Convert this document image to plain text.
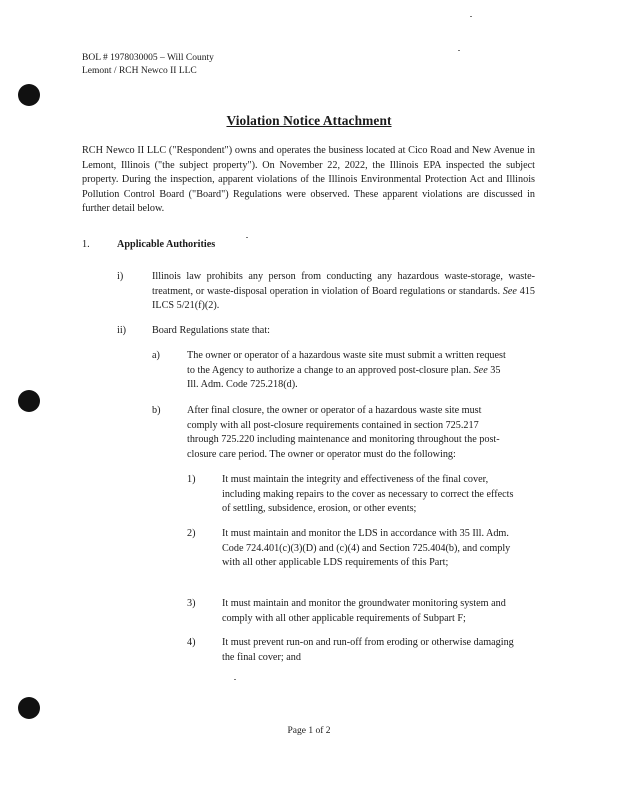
BOL # 1978030005 – Will County
Lemont / RCH Newco II LLC
Violation Notice Attachment
RCH Newco II LLC ("Respondent") owns and operates the business located at Cico Road and New Avenue in Lemont, Illinois ("the subject property"). On November 22, 2022, the Illinois EPA inspected the subject property. During the inspection, apparent violations of the Illinois Environmental Protection Act and Illinois Pollution Control Board ("Board") Regulations were observed. These apparent violations are discussed in further detail below.
1.	Applicable Authorities
i)	Illinois law prohibits any person from conducting any hazardous waste-storage, waste-treatment, or waste-disposal operation in violation of Board regulations or standards. See 415 ILCS 5/21(f)(2).
ii)	Board Regulations state that:
a)	The owner or operator of a hazardous waste site must submit a written request to the Agency to authorize a change to an approved post-closure plan. See 35 Ill. Adm. Code 725.218(d).
b)	After final closure, the owner or operator of a hazardous waste site must comply with all post-closure requirements contained in section 725.217 through 725.220 including maintenance and monitoring throughout the post-closure care period. The owner or operator must do the following:
1)	It must maintain the integrity and effectiveness of the final cover, including making repairs to the cover as necessary to correct the effects of settling, subsidence, erosion, or other events;
2)	It must maintain and monitor the LDS in accordance with 35 Ill. Adm. Code 724.401(c)(3)(D) and (c)(4) and Section 725.404(b), and comply with all other applicable LDS requirements of this Part;
3)	It must maintain and monitor the groundwater monitoring system and comply with all other applicable requirements of Subpart F;
4)	It must prevent run-on and run-off from eroding or otherwise damaging the final cover; and
Page 1 of 2
